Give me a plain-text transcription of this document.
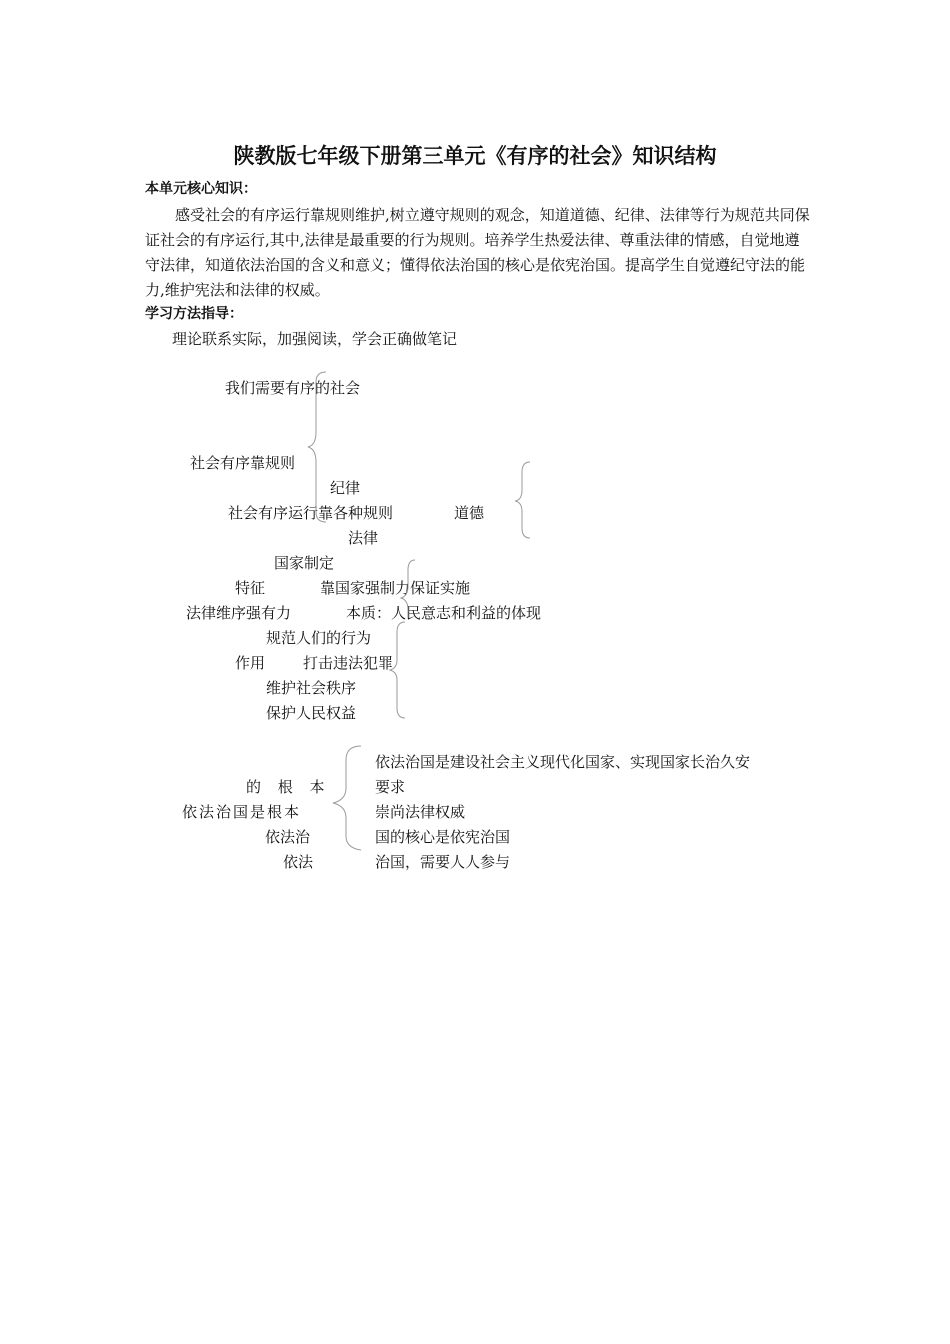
陕教版七年级下册第三单元《有序的社会》知识结构
本单元核心知识：
感受社会的有序运行靠规则维护,树立遵守规则的观念，知道道德、纪律、法律等行为规范共同保证社会的有序运行,其中,法律是最重要的行为规则。培养学生热爱法律、尊重法律的情感，自觉地遵守法律，知道依法治国的含义和意义；懂得依法治国的核心是依宪治国。提高学生自觉遵纪守法的能力,维护宪法和法律的权威。
学习方法指导：
理论联系实际，加强阅读，学会正确做笔记
我们需要有序的社会
社会有序靠规则
纪律
社会有序运行靠各种规则	道德
法律
国家制定
特征	靠国家强制力保证实施
法律维序强有力	本质：人民意志和利益的体现
规范人们的行为
作用	打击违法犯罪
维护社会秩序
保护人民权益
依法治国是建设社会主义现代化国家、实现国家长治久安
的 根 本	要求
依法治国是根本	崇尚法律权威
依法治	国的核心是依宪治国
依法	治国，需要人人参与
